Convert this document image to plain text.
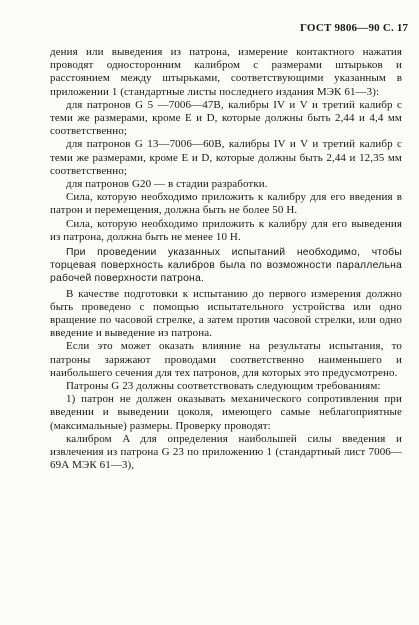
ГОСТ 9806—90 С. 17

дения или выведения из патрона, измерение контактного нажатия проводят односторонним калибром с размерами штырьков и расстоянием между штырьками, соответствующими указанным в приложении 1 (стандартные листы последнего издания МЭК 61—3):

для патронов G 5 —7006—47В, калибры IV и V и третий калибр с теми же размерами, кроме E и D, которые должны быть 2,44 и 4,4 мм соответственно;

для патронов G 13—7006—60В, калибры IV и V и третий калибр с теми же размерами, кроме E и D, которые должны быть 2,44 и 12,35 мм соответственно;

для патронов G20 — в стадии разработки.

Сила, которую необходимо приложить к калибру для его введения в патрон и перемещения, должна быть не более 50 Н.

Сила, которую необходимо приложить к калибру для его выведения из патрона, должна быть не менее 10 Н.

При проведении указанных испытаний необходимо, чтобы торцевая поверхность калибров была по возможности параллельна рабочей поверхности патрона.

В качестве подготовки к испытанию до первого измерения должно быть проведено с помощью испытательного устройства или одно вращение по часовой стрелке, а затем против часовой стрелки, или одно введение и выведение из патрона.

Если это может оказать влияние на результаты испытания, то патроны заряжают проводами соответственно наименьшего и наибольшего сечения для тех патронов, для которых это предусмотрено.

Патроны G 23 должны соответствовать следующим требованиям:

1) патрон не должен оказывать механического сопротивления при введении и выведении цоколя, имеющего самые неблагоприятные (максимальные) размеры. Проверку проводят:

калибром A для определения наибольшей силы введения и извлечения из патрона G 23 по приложению 1 (стандартный лист 7006—69А МЭК 61—3),
